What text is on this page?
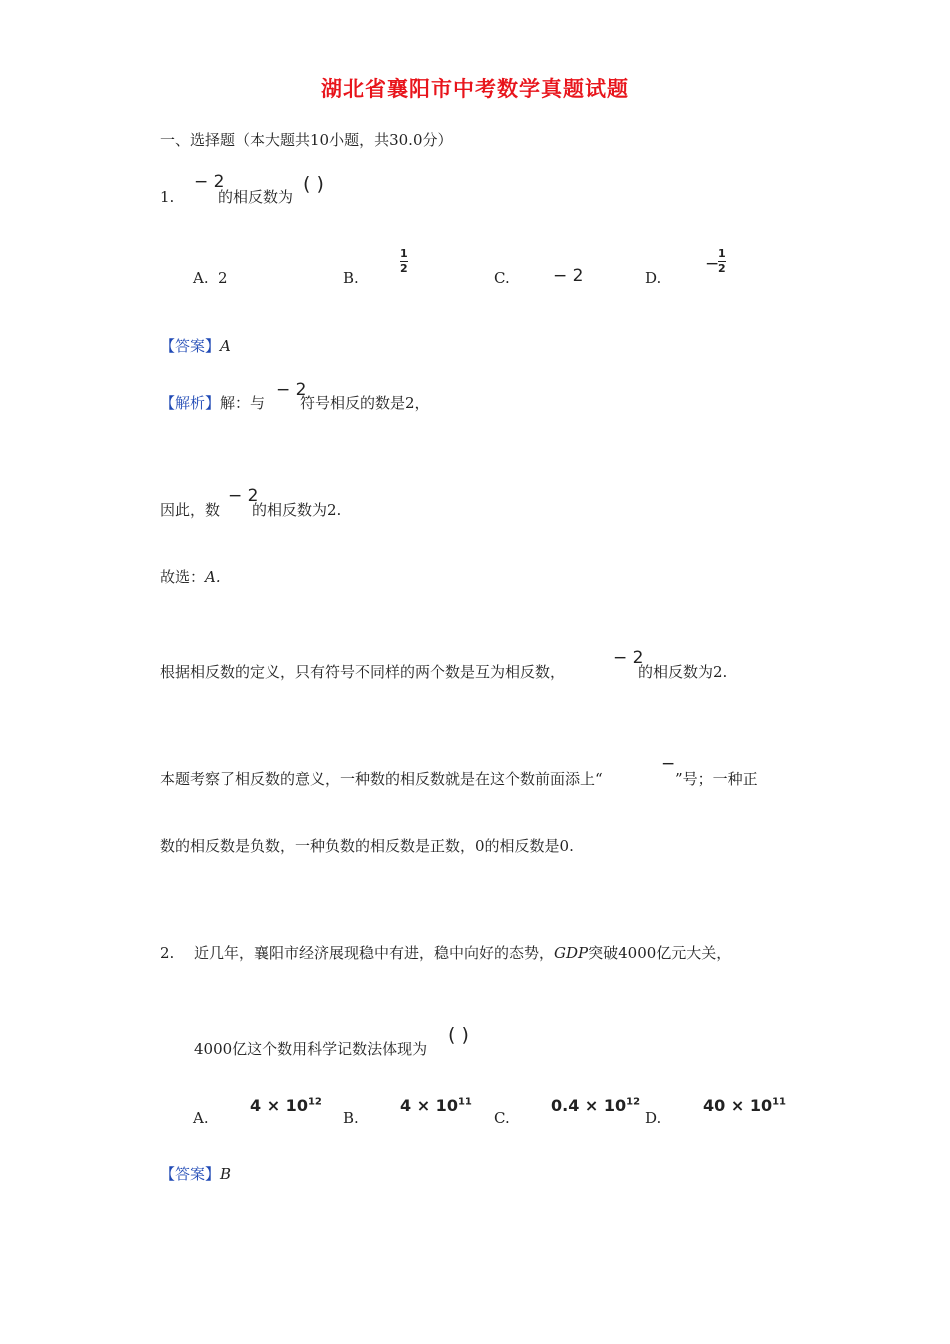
湖北省襄阳市中考数学真题试题
一、选择题（本大题共10小题，共30.0分）
1.
− 2
的相反数为
( )
A. 2	B.
1
2
C.	− 2	D.
−
1
2
【答案】A
【解析】解：与
− 2
符号相反的数是2，
因此，数
− 2
的相反数为2.
故选：A.
根据相反数的定义，只有符号不同样的两个数是互为相反数，
− 2
的相反数为2.
本题考察了相反数的意义，一种数的相反数就是在这个数前面添上“
−
”号；一种正
数的相反数是负数，一种负数的相反数是正数，0的相反数是0.
2. 近几年，襄阳市经济展现稳中有进，稳中向好的态势，GDP突破4000亿元大关，
4000亿这个数用科学记数法体现为
( )
A.
$4 \times 10^{12}$
B.
$4 \times 10^{11}$
C.
$0.4 \times 10^{12}$
D.
$40 \times 10^{11}$
【答案】B
